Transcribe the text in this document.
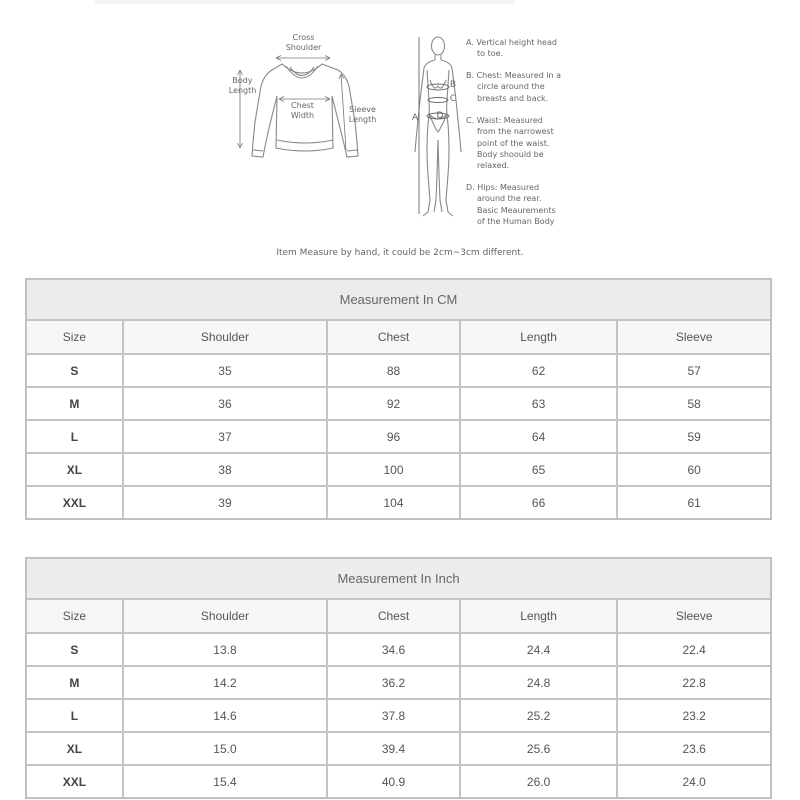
Cross
Shoulder
Body
Length
Chest
Width
Sleeve
Length	A
B
C
D
A. Vertical height head
to toe.
B. Chest: Measured in a
circle around the
breasts and back.
C. Waist: Measured
from the narrowest
point of the waist.
Body shoould be
relaxed.
D. Hips: Measured
around the rear.
Basic Meaurements
of the Human Body
Item Measure by hand, it could be 2cm~3cm different.
Measurement In CM				
Size	Shoulder	Chest	Length	Sleeve
S	35	88	62	57
M	36	92	63	58
L	37	96	64	59
XL	38	100	65	60
XXL	39	104	66	61
Measurement In Inch				
Size	Shoulder	Chest	Length	Sleeve
S	13.8	34.6	24.4	22.4
M	14.2	36.2	24.8	22.8
L	14.6	37.8	25.2	23.2
XL	15.0	39.4	25.6	23.6
XXL	15.4	40.9	26.0	24.0
